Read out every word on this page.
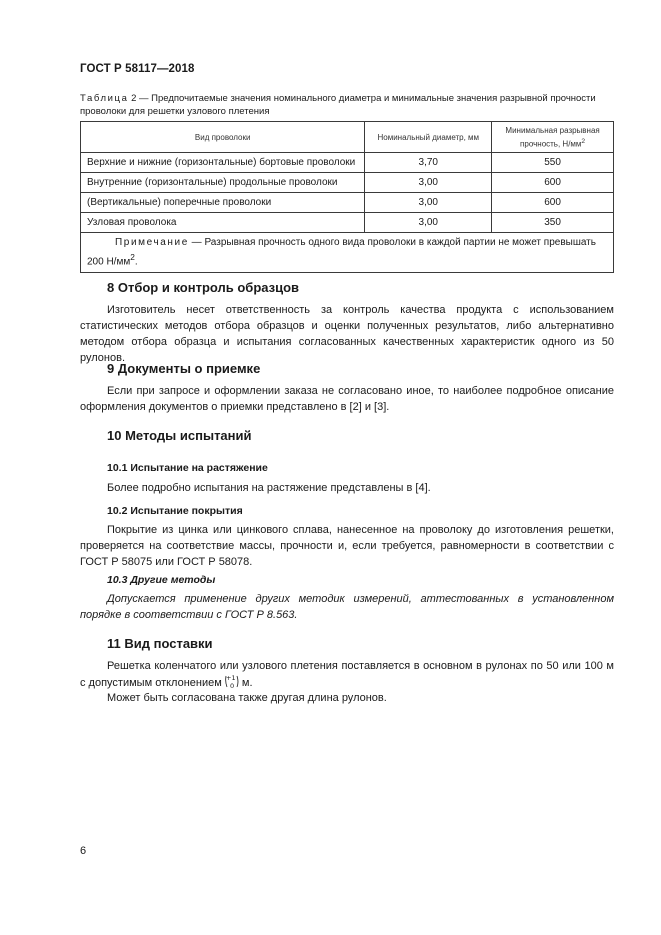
ГОСТ Р 58117—2018
Таблица 2 — Предпочитаемые значения номинального диаметра и минимальные значения разрывной прочности проволоки для решетки узлового плетения
Вид проволоки	Номинальный диаметр, мм	Минимальная разрывная прочность, $Н/мм^2$
Верхние и нижние (горизонтальные) бортовые проволоки	3,70	550
Внутренние (горизонтальные) продольные проволоки	3,00	600
(Вертикальные) поперечные проволоки	3,00	600
Узловая проволока	3,00	350
Примечание — Разрывная прочность одного вида проволоки в каждой партии не может превышать 200 $Н/мм^2$.		
8 Отбор и контроль образцов

Изготовитель несет ответственность за контроль качества продукта с использованием статистических методов отбора образцов и оценки полученных результатов, либо альтернативно методом отбора образца и испытания согласованных качественных характеристик одного из 50 рулонов.

9 Документы о приемке

Если при запросе и оформлении заказа не согласовано иное, то наиболее подробное описание оформления документов о приемки представлено в [2] и [3].

10 Методы испытаний
10.1 Испытание на растяжение

Более подробно испытания на растяжение представлены в [4].

10.2 Испытание покрытия

Покрытие из цинка или цинкового сплава, нанесенное на проволоку до изготовления решетки, проверяется на соответствие массы, прочности и, если требуется, равномерности в соответствии с ГОСТ Р 58075 или ГОСТ Р 58078.

10.3 Другие методы

Допускается применение других методик измерений, аттестованных в установленном порядке в соответствии с ГОСТ Р 8.563.

11 Вид поставки

Решетка коленчатого или узлового плетения поставляется в основном в рулонах по 50 или 100 м с допустимым отклонением +1
0 м.

Может быть согласована также другая длина рулонов.

6
